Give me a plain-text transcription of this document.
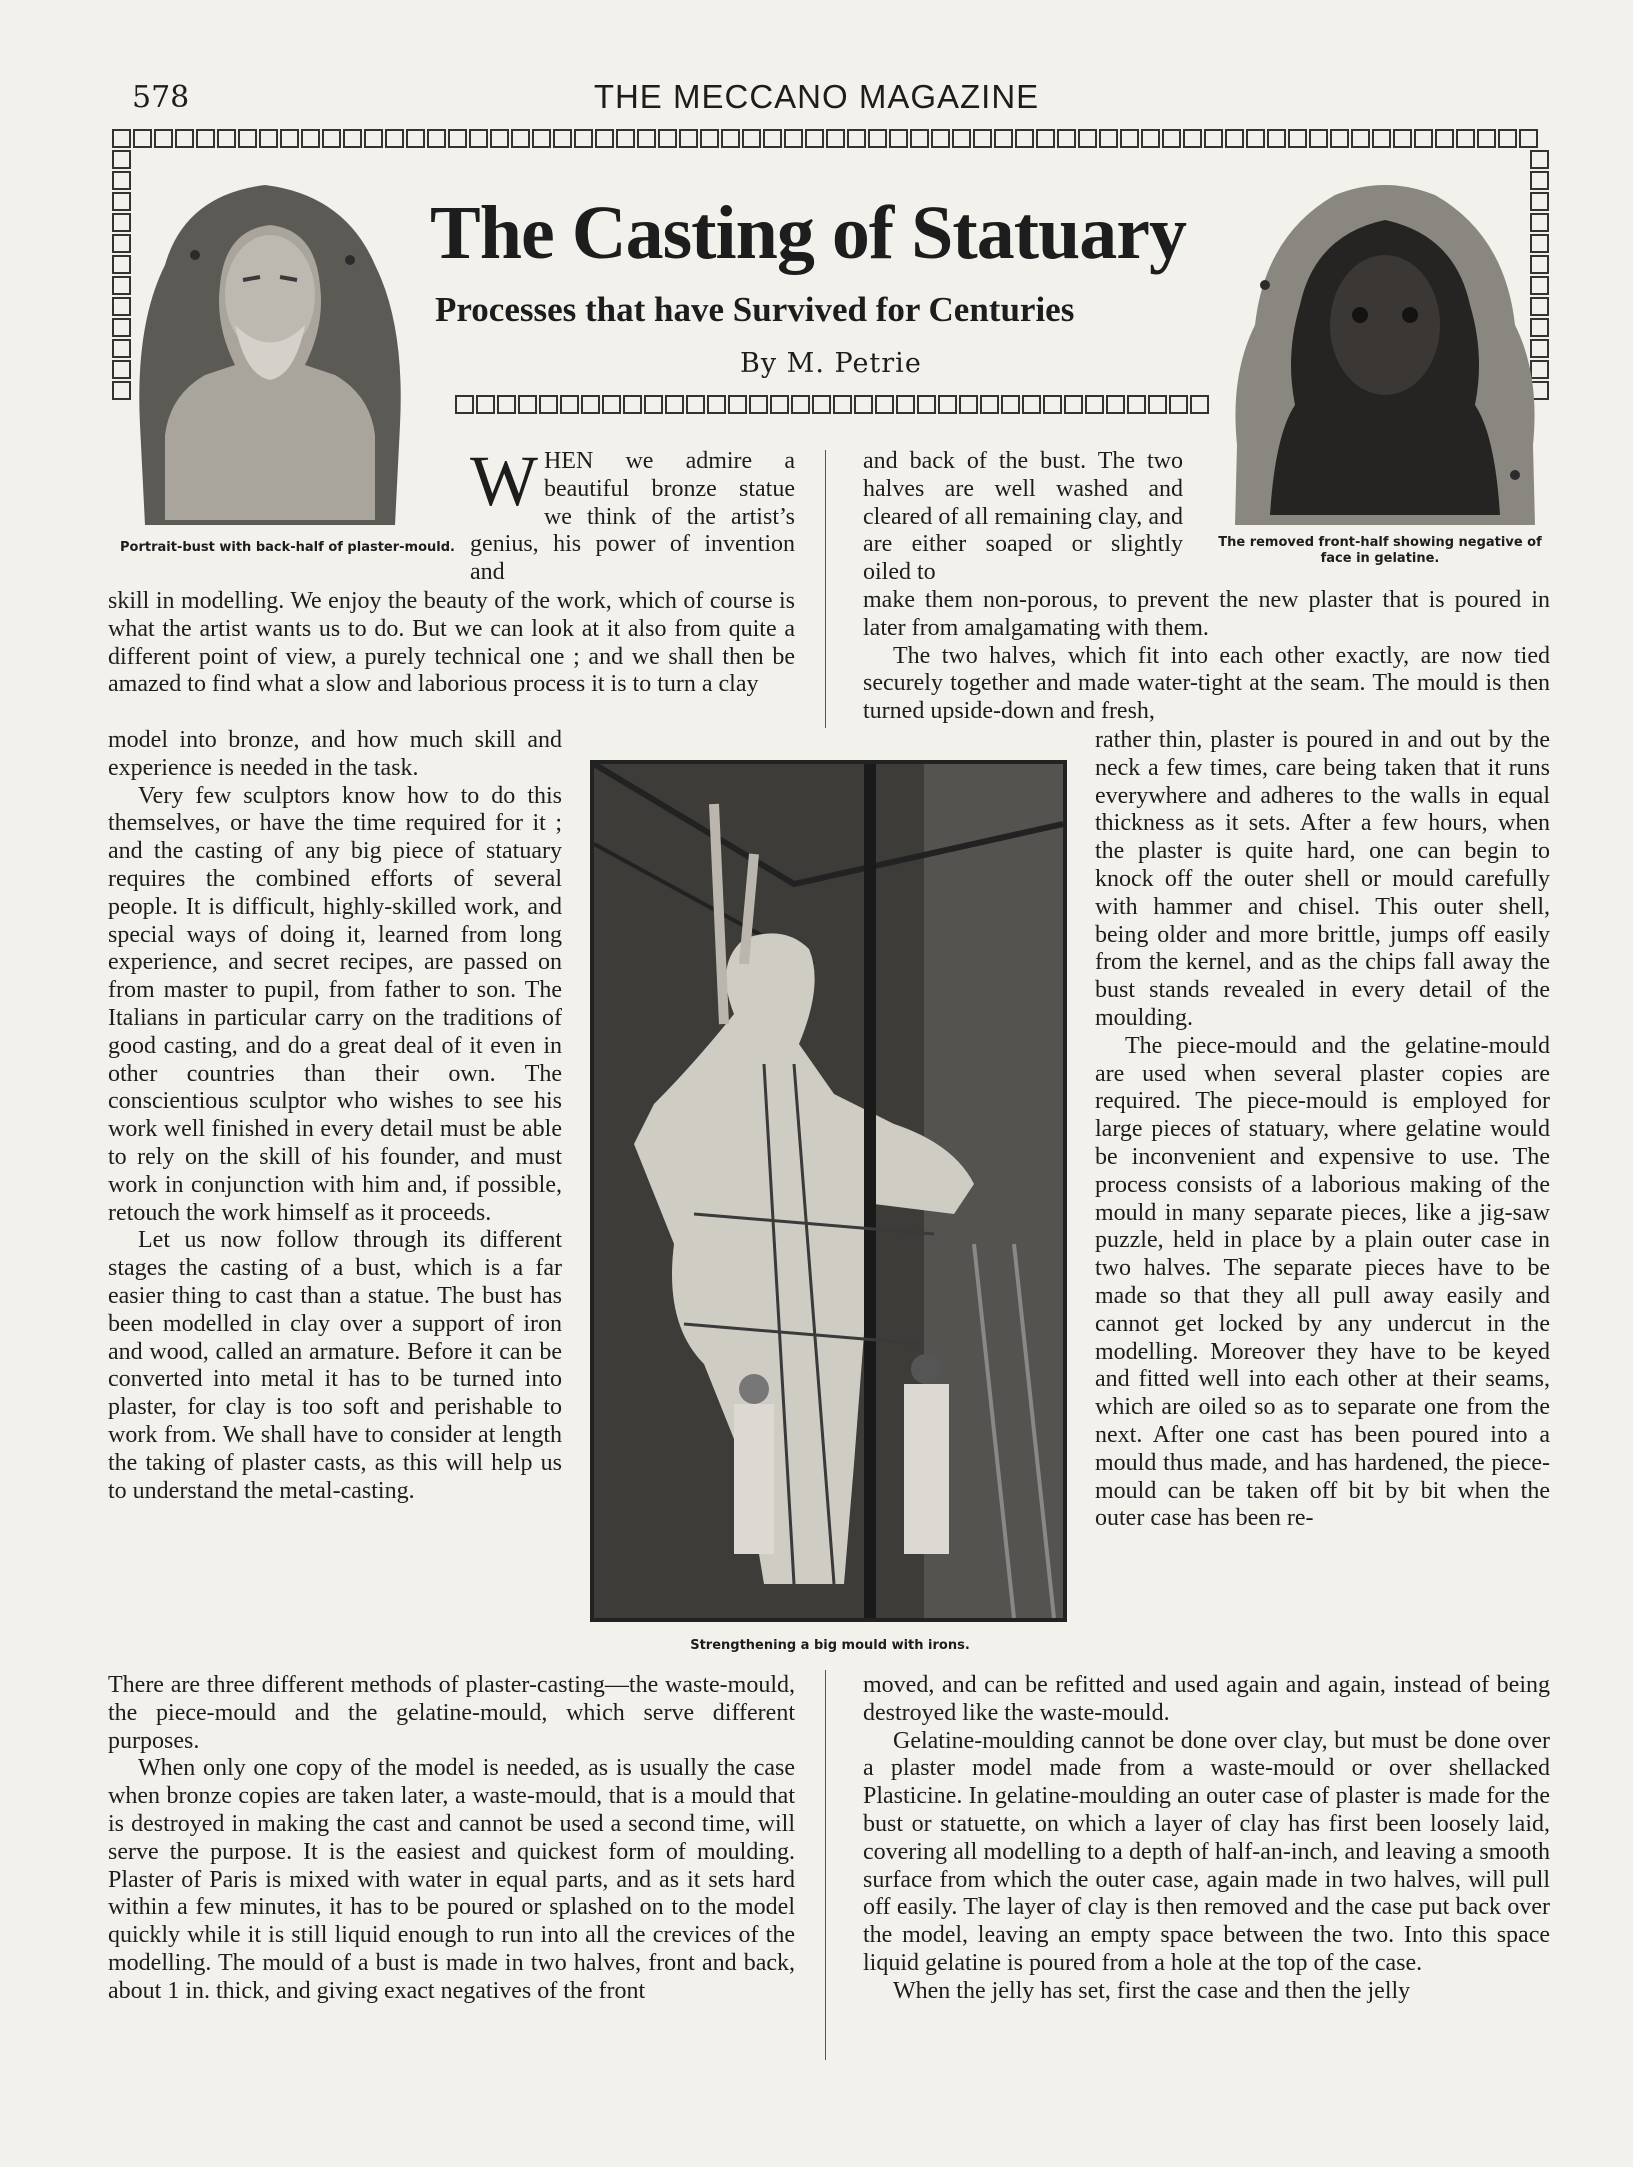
578	THE MECCANO MAGAZINE
The Casting of Statuary
Processes that have Survived for Centuries
By M. Petrie
Portrait-bust with back-half of plaster-mould.	The removed front-half showing negative of face in gelatine.
Strengthening a big mould with irons.

WHEN we admire a beautiful bronze statue we think of the artist’s genius, his power of invention and

skill in modelling. We enjoy the beauty of the work, which of course is what the artist wants us to do. But we can look at it also from quite a different point of view, a purely technical one ; and we shall then be amazed to find what a slow and laborious process it is to turn a clay

model into bronze, and how much skill and experience is needed in the task.

Very few sculptors know how to do this themselves, or have the time required for it ; and the casting of any big piece of statuary requires the combined efforts of several people. It is difficult, highly-skilled work, and special ways of doing it, learned from long experience, and secret recipes, are passed on from master to pupil, from father to son. The Italians in particular carry on the traditions of good casting, and do a great deal of it even in other countries than their own. The conscientious sculptor who wishes to see his work well finished in every detail must be able to rely on the skill of his founder, and must work in conjunction with him and, if possible, retouch the work himself as it proceeds.

Let us now follow through its different stages the casting of a bust, which is a far easier thing to cast than a statue. The bust has been modelled in clay over a support of iron and wood, called an armature. Before it can be converted into metal it has to be turned into plaster, for clay is too soft and perishable to work from. We shall have to consider at length the taking of plaster casts, as this will help us to understand the metal-casting.

There are three different methods of plaster-casting—the waste-mould, the piece-mould and the gelatine-mould, which serve different purposes.

When only one copy of the model is needed, as is usually the case when bronze copies are taken later, a waste-mould, that is a mould that is destroyed in making the cast and cannot be used a second time, will serve the purpose. It is the easiest and quickest form of moulding. Plaster of Paris is mixed with water in equal parts, and as it sets hard within a few minutes, it has to be poured or splashed on to the model quickly while it is still liquid enough to run into all the crevices of the modelling. The mould of a bust is made in two halves, front and back, about 1 in. thick, and giving exact negatives of the front

and back of the bust. The two halves are well washed and cleared of all remaining clay, and are either soaped or slightly oiled to

make them non-porous, to prevent the new plaster that is poured in later from amalgamating with them.

The two halves, which fit into each other exactly, are now tied securely together and made water-tight at the seam. The mould is then turned upside-down and fresh,

rather thin, plaster is poured in and out by the neck a few times, care being taken that it runs everywhere and adheres to the walls in equal thickness as it sets. After a few hours, when the plaster is quite hard, one can begin to knock off the outer shell or mould carefully with hammer and chisel. This outer shell, being older and more brittle, jumps off easily from the kernel, and as the chips fall away the bust stands revealed in every detail of the moulding.

The piece-mould and the gelatine-mould are used when several plaster copies are required. The piece-mould is employed for large pieces of statuary, where gelatine would be inconvenient and expensive to use. The process consists of a laborious making of the mould in many separate pieces, like a jig-saw puzzle, held in place by a plain outer case in two halves. The separate pieces have to be made so that they all pull away easily and cannot get locked by any undercut in the modelling. Moreover they have to be keyed and fitted well into each other at their seams, which are oiled so as to separate one from the next. After one cast has been poured into a mould thus made, and has hardened, the piece-mould can be taken off bit by bit when the outer case has been re-

moved, and can be refitted and used again and again, instead of being destroyed like the waste-mould.

Gelatine-moulding cannot be done over clay, but must be done over a plaster model made from a waste-mould or over shellacked Plasticine. In gelatine-moulding an outer case of plaster is made for the bust or statuette, on which a layer of clay has first been loosely laid, covering all modelling to a depth of half-an-inch, and leaving a smooth surface from which the outer case, again made in two halves, will pull off easily. The layer of clay is then removed and the case put back over the model, leaving an empty space between the two. Into this space liquid gelatine is poured from a hole at the top of the case.

When the jelly has set, first the case and then the jelly
